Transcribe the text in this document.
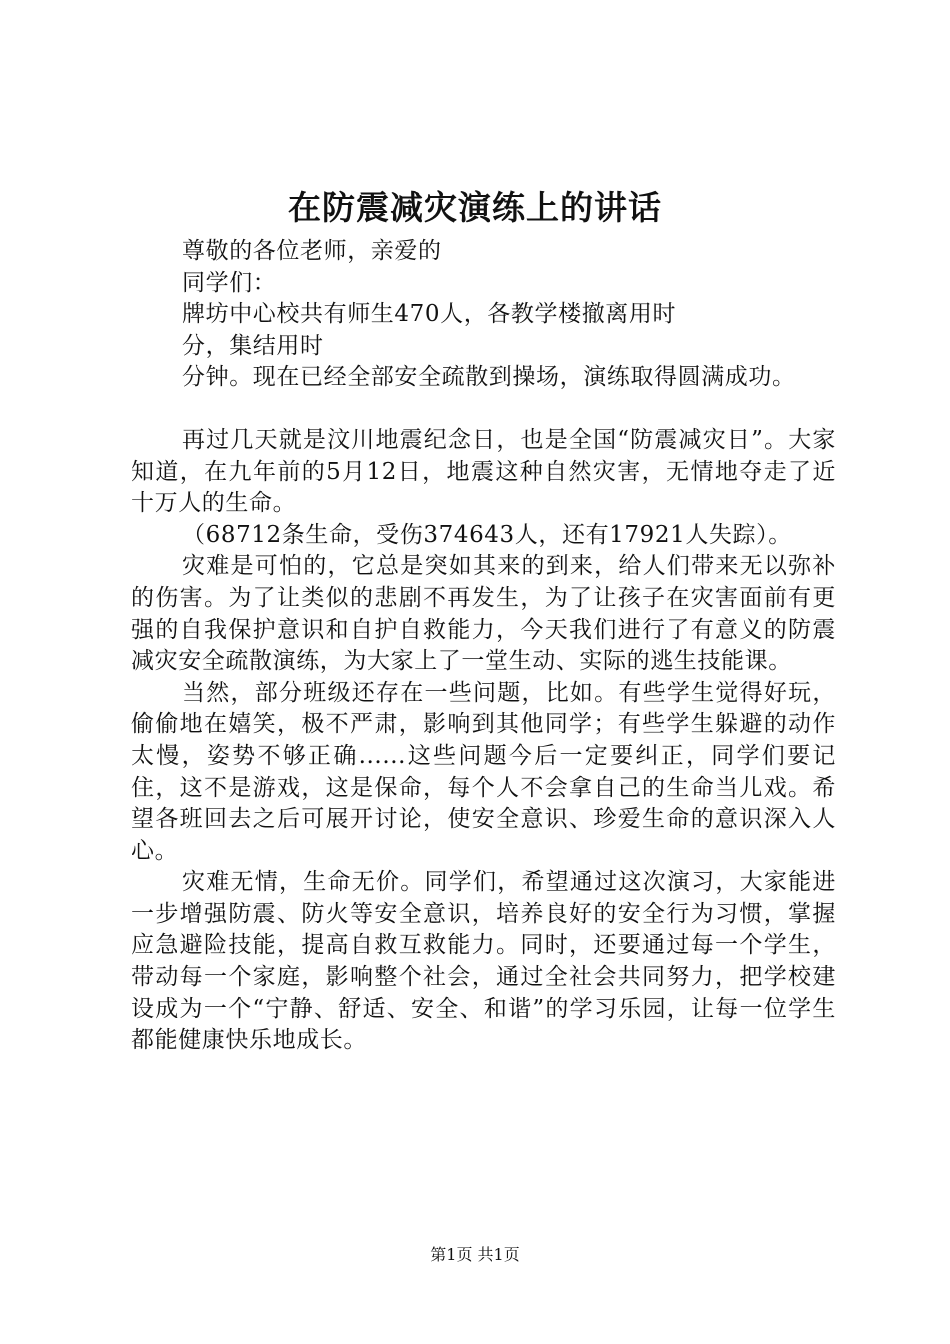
在防震减灾演练上的讲话
尊敬的各位老师，亲爱的
同学们：
牌坊中心校共有师生470人，各教学楼撤离用时
分，集结用时
分钟。现在已经全部安全疏散到操场，演练取得圆满成功。
再过几天就是汶川地震纪念日，也是全国“防震减灾日”。大家知道，在九年前的5月12日，地震这种自然灾害，无情地夺走了近十万人的生命。
（68712条生命，受伤374643人，还有17921人失踪）。
灾难是可怕的，它总是突如其来的到来，给人们带来无以弥补的伤害。为了让类似的悲剧不再发生，为了让孩子在灾害面前有更强的自我保护意识和自护自救能力，今天我们进行了有意义的防震减灾安全疏散演练，为大家上了一堂生动、实际的逃生技能课。
当然，部分班级还存在一些问题，比如。有些学生觉得好玩，偷偷地在嬉笑，极不严肃，影响到其他同学；有些学生躲避的动作太慢，姿势不够正确......这些问题今后一定要纠正，同学们要记住，这不是游戏，这是保命，每个人不会拿自己的生命当儿戏。希望各班回去之后可展开讨论，使安全意识、珍爱生命的意识深入人心。
灾难无情，生命无价。同学们，希望通过这次演习，大家能进一步增强防震、防火等安全意识，培养良好的安全行为习惯，掌握应急避险技能，提高自救互救能力。同时，还要通过每一个学生，带动每一个家庭，影响整个社会，通过全社会共同努力，把学校建设成为一个“宁静、舒适、安全、和谐”的学习乐园，让每一位学生都能健康快乐地成长。
第1页 共1页
